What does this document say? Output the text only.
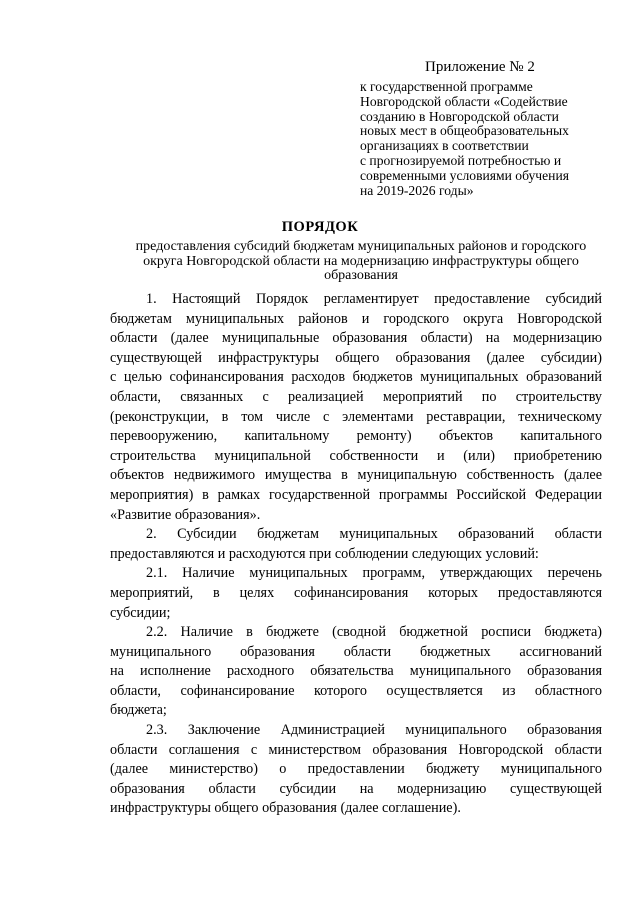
Приложение № 2
к государственной программе
Новгородской области «Содействие
созданию в Новгородской области
новых мест в общеобразовательных
организациях в соответствии
с прогнозируемой потребностью и
современными условиями обучения
на 2019-2026 годы»
ПОРЯДОК
предоставления субсидий бюджетам муниципальных районов и городского
округа Новгородской области на модернизацию инфраструктуры общего
образования
1. Настоящий Порядок регламентирует предоставление субсидий
бюджетам муниципальных районов и городского округа Новгородской
области (далее муниципальные образования области) на модернизацию
существующей инфраструктуры общего образования (далее субсидии)
с целью софинансирования расходов бюджетов муниципальных образований
области, связанных с реализацией мероприятий по строительству
(реконструкции, в том числе с элементами реставрации, техническому
перевооружению, капитальному ремонту) объектов капитального
строительства муниципальной собственности и (или) приобретению
объектов недвижимого имущества в муниципальную собственность (далее
мероприятия) в рамках государственной программы Российской Федерации
«Развитие образования».
2. Субсидии бюджетам муниципальных образований области
предоставляются и расходуются при соблюдении следующих условий:
2.1. Наличие муниципальных программ, утверждающих перечень
мероприятий, в целях софинансирования которых предоставляются
субсидии;
2.2. Наличие в бюджете (сводной бюджетной росписи бюджета)
муниципального образования области бюджетных ассигнований
на исполнение расходного обязательства муниципального образования
области, софинансирование которого осуществляется из областного
бюджета;
2.3. Заключение Администрацией муниципального образования
области соглашения с министерством образования Новгородской области
(далее министерство) о предоставлении бюджету муниципального
образования области субсидии на модернизацию существующей
инфраструктуры общего образования (далее соглашение).
